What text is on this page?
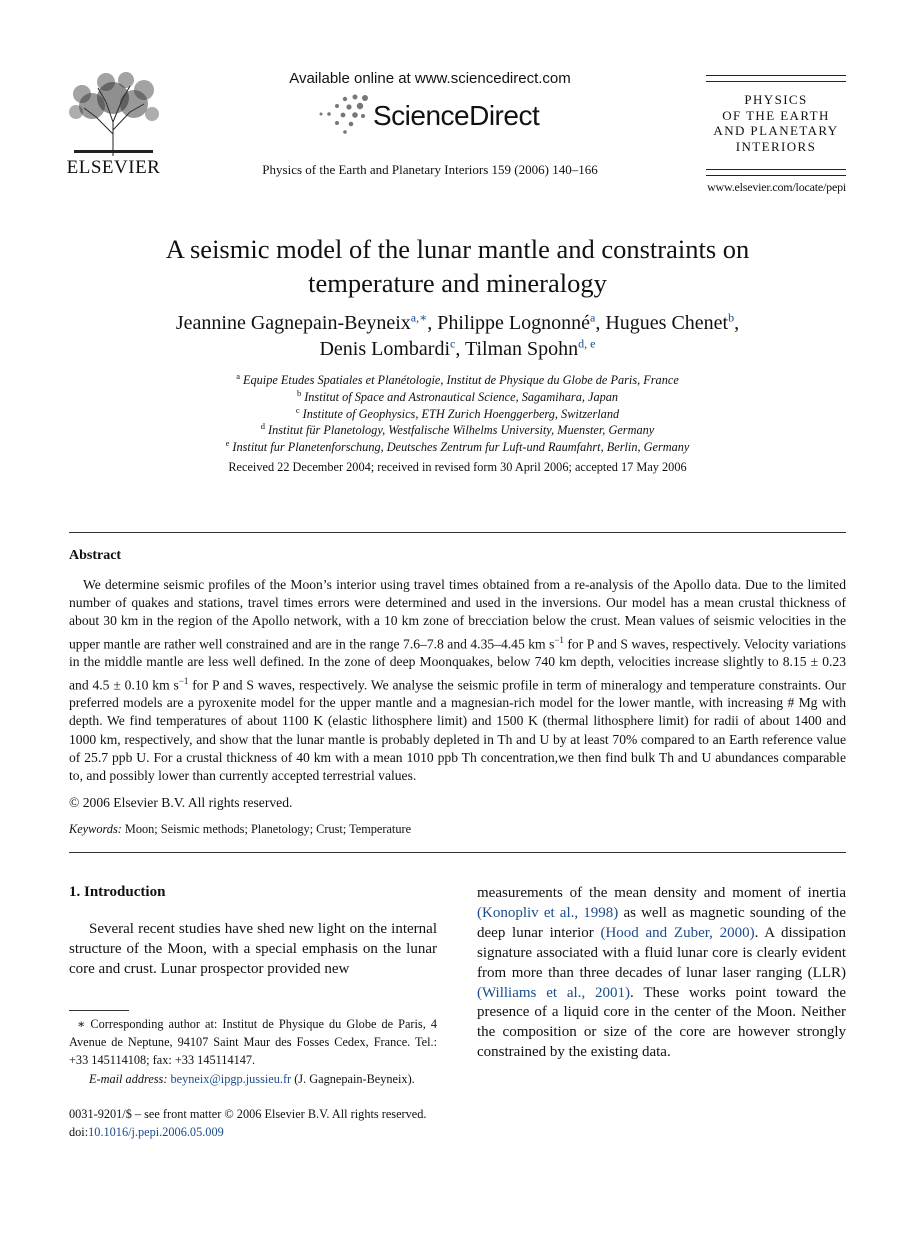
ELSEVIER
Available online at www.sciencedirect.com
ScienceDirect
Physics of the Earth and Planetary Interiors 159 (2006) 140–166
PHYSICS
OF THE EARTH
AND PLANETARY
INTERIORS
www.elsevier.com/locate/pepi
A seismic model of the lunar mantle and constraints on
temperature and mineralogy
Jeannine Gagnepain-Beyneix$^{a,∗}$, Philippe Lognonné$^a$, Hugues Chenet$^b$,
Denis Lombardi$^c$, Tilman Spohn$^{d, e}$
$^a$ Equipe Etudes Spatiales et Planétologie, Institut de Physique du Globe de Paris, France
$^b$ Institut of Space and Astronautical Science, Sagamihara, Japan
$^c$ Institute of Geophysics, ETH Zurich Hoenggerberg, Switzerland
$^d$ Institut für Planetology, Westfalische Wilhelms University, Muenster, Germany
$^e$ Institut fur Planetenforschung, Deutsches Zentrum fur Luft-und Raumfahrt, Berlin, Germany
Received 22 December 2004; received in revised form 30 April 2006; accepted 17 May 2006
Abstract

We determine seismic profiles of the Moon’s interior using travel times obtained from a re-analysis of the Apollo data. Due to the limited number of quakes and stations, travel times errors were determined and used in the inversions. Our model has a mean crustal thickness of about 30 km in the region of the Apollo network, with a 10 km zone of brecciation below the crust. Mean values of seismic velocities in the upper mantle are rather well constrained and are in the range 7.6–7.8 and 4.35–4.45 km $s^{-1}$ for P and S waves, respectively. Velocity variations in the middle mantle are less well defined. In the zone of deep Moonquakes, below 740 km depth, velocities increase slightly to 8.15 ± 0.23 and 4.5 ± 0.10 km $s^{-1}$ for P and S waves, respectively. We analyse the seismic profile in term of mineralogy and temperature constraints. Our preferred models are a pyroxenite model for the upper mantle and a magnesian-rich model for the lower mantle, with increasing # Mg with depth. We find temperatures of about 1100 K (elastic lithosphere limit) and 1500 K (thermal lithosphere limit) for radii of about 1400 and 1000 km, respectively, and show that the lunar mantle is probably depleted in Th and U by at least 70% compared to an Earth reference value of 25.7 ppb U. For a crustal thickness of 40 km with a mean 1010 ppb Th concentration,we then find bulk Th and U abundances comparable to, and possibly lower than currently accepted terrestrial values.

© 2006 Elsevier B.V. All rights reserved.
Keywords: Moon; Seismic methods; Planetology; Crust; Temperature
1. Introduction

Several recent studies have shed new light on the internal structure of the Moon, with a special emphasis on the lunar core and crust. Lunar prospector provided new

measurements of the mean density and moment of inertia (Konopliv et al., 1998) as well as magnetic sounding of the deep lunar interior (Hood and Zuber, 2000). A dissipation signature associated with a fluid lunar core is clearly evident from more than three decades of lunar laser ranging (LLR) (Williams et al., 2001). These works point toward the presence of a liquid core in the center of the Moon. Neither the composition or size of the core are however strongly constrained by the existing data.

∗ Corresponding author at: Institut de Physique du Globe de Paris, 4 Avenue de Neptune, 94107 Saint Maur des Fosses Cedex, France. Tel.: +33 145114108; fax: +33 145114147.
E-mail address: beyneix@ipgp.jussieu.fr (J. Gagnepain-Beyneix).
0031-9201/$ – see front matter © 2006 Elsevier B.V. All rights reserved.
doi:10.1016/j.pepi.2006.05.009
